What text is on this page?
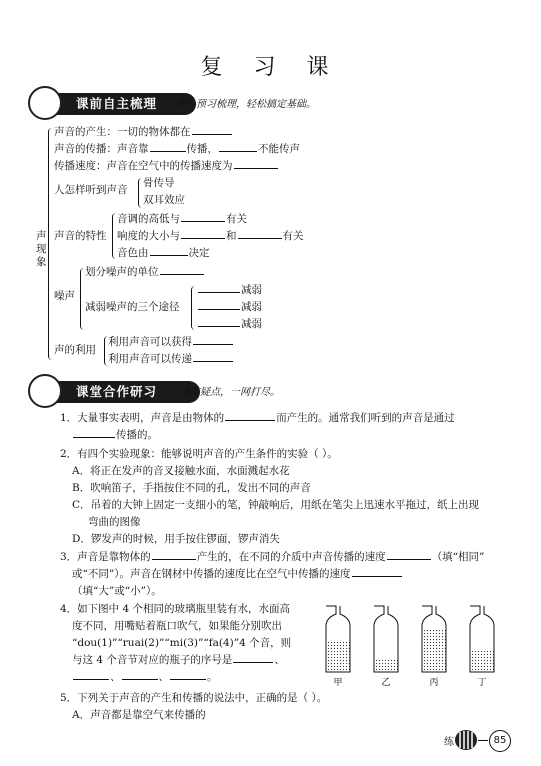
复 习 课
课前自主梳理	开心预习梳理，轻松搞定基础。
声现象
声音的产生：一切的物体都在
声音的传播：声音靠	传播，	不能传声
传播速度：声音在空气中的传播速度为
人怎样听到声音
骨传导
双耳效应
声音的特性
音调的高低与	有关
响度的大小与	和	有关
音色由	决定
噪声
划分噪声的单位
减弱噪声的三个途径
减弱
减弱
减弱
声的利用
利用声音可以获得
利用声音可以传递
课堂合作研习	重难疑点，一网打尽。
1．大量事实表明，声音是由物体的	而产生的。通常我们听到的声音是通过
传播的。
2．有四个实验现象：能够说明声音的产生条件的实验（ ）。
A．将正在发声的音叉接触水面，水面溅起水花
B．吹响笛子，手指按住不同的孔，发出不同的声音
C．吊着的大钟上固定一支细小的笔，钟敲响后，用纸在笔尖上迅速水平拖过，纸上出现
弯曲的图像
D．锣发声的时候，用手按住锣面，锣声消失
3．声音是靠物体的	产生的，在不同的介质中声音传播的速度	（填“相同”
或“不同”）。声音在钢材中传播的速度比在空气中传播的速度
（填“大”或“小”）。
4．如下图中 4 个相同的玻璃瓶里装有水，水面高
度不同，用嘴贴着瓶口吹气，如果能分别吹出
“dou(1)”“ruai(2)”“mi(3)”“fa(4)”4 个音，则
与这 4 个音节对应的瓶子的序号是	、
、	、	。	甲	乙	丙	丁
5．下列关于声音的产生和传播的说法中，正确的是（ ）。
A．声音都是靠空气来传播的
练	85
